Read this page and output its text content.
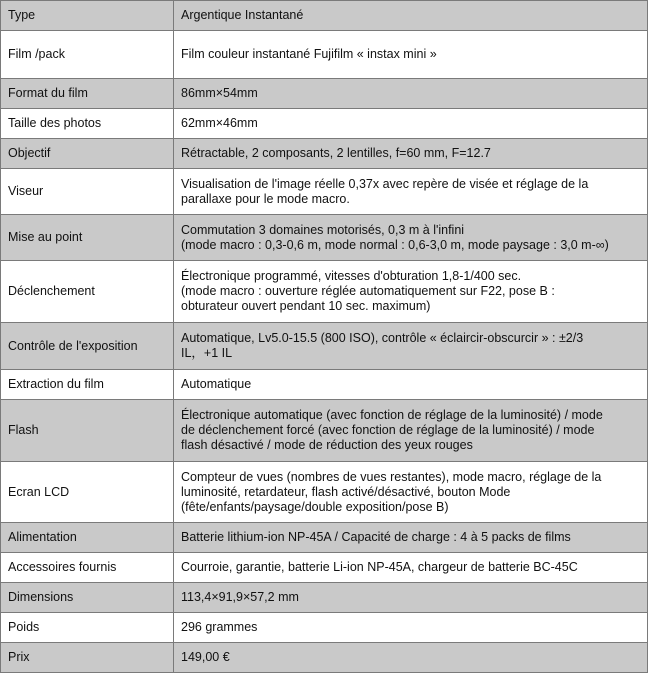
Type	Argentique Instantané

Film /pack	Film couleur instantané Fujifilm « instax mini »

Format du film	86mm×54mm

Taille des photos	62mm×46mm

Objectif	Rétractable, 2 composants, 2 lentilles, f=60 mm, F=12.7

Viseur	Visualisation de l'image réelle 0,37x avec repère de visée et réglage de la
parallaxe pour le mode macro.

Mise au point	Commutation 3 domaines motorisés, 0,3 m à l'infini
(mode macro : 0,3-0,6 m, mode normal : 0,6-3,0 m, mode paysage : 3,0 m-∞)

Déclenchement	Électronique programmé, vitesses d'obturation 1,8-1/400 sec.
(mode macro : ouverture réglée automatiquement sur F22, pose B :
obturateur ouvert pendant 10 sec. maximum)

Contrôle de l'exposition	Automatique, Lv5.0-15.5 (800 ISO), contrôle « éclaircir-obscurcir » : ±2/3
IL，+1 IL

Extraction du film	Automatique

Flash	Électronique automatique (avec fonction de réglage de la luminosité) / mode
de déclenchement forcé (avec fonction de réglage de la luminosité) / mode
flash désactivé / mode de réduction des yeux rouges

Ecran LCD	Compteur de vues (nombres de vues restantes), mode macro, réglage de la
luminosité, retardateur, flash activé/désactivé, bouton Mode
(fête/enfants/paysage/double exposition/pose B)

Alimentation	Batterie lithium-ion NP-45A / Capacité de charge : 4 à 5 packs de films

Accessoires fournis	Courroie, garantie, batterie Li-ion NP-45A, chargeur de batterie BC-45C

Dimensions	113,4×91,9×57,2 mm

Poids	296 grammes

Prix	149,00 €
